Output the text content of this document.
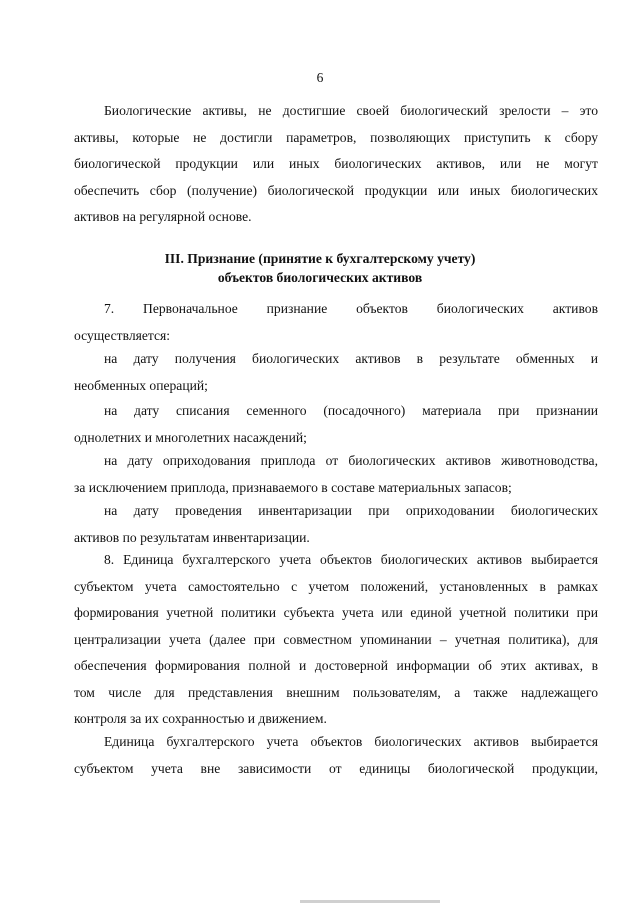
6
Биологические активы, не достигшие своей биологический зрелости – это
активы, которые не достигли параметров, позволяющих приступить к сбору
биологической продукции или иных биологических активов, или не могут
обеспечить сбор (получение) биологической продукции или иных биологических
активов на регулярной основе.
III. Признание (принятие к бухгалтерскому учету)
объектов биологических активов
7. Первоначальное признание объектов биологических активов
осуществляется:
на дату получения биологических активов в результате обменных и
необменных операций;
на дату списания семенного (посадочного) материала при признании
однолетних и многолетних насаждений;
на дату оприходования приплода от биологических активов животноводства,
за исключением приплода, признаваемого в составе материальных запасов;
на дату проведения инвентаризации при оприходовании биологических
активов по результатам инвентаризации.
8. Единица бухгалтерского учета объектов биологических активов выбирается
субъектом учета самостоятельно с учетом положений, установленных в рамках
формирования учетной политики субъекта учета или единой учетной политики при
централизации учета (далее при совместном упоминании – учетная политика), для
обеспечения формирования полной и достоверной информации об этих активах, в
том числе для представления внешним пользователям, а также надлежащего
контроля за их сохранностью и движением.
Единица бухгалтерского учета объектов биологических активов выбирается
субъектом учета вне зависимости от единицы биологической продукции,
